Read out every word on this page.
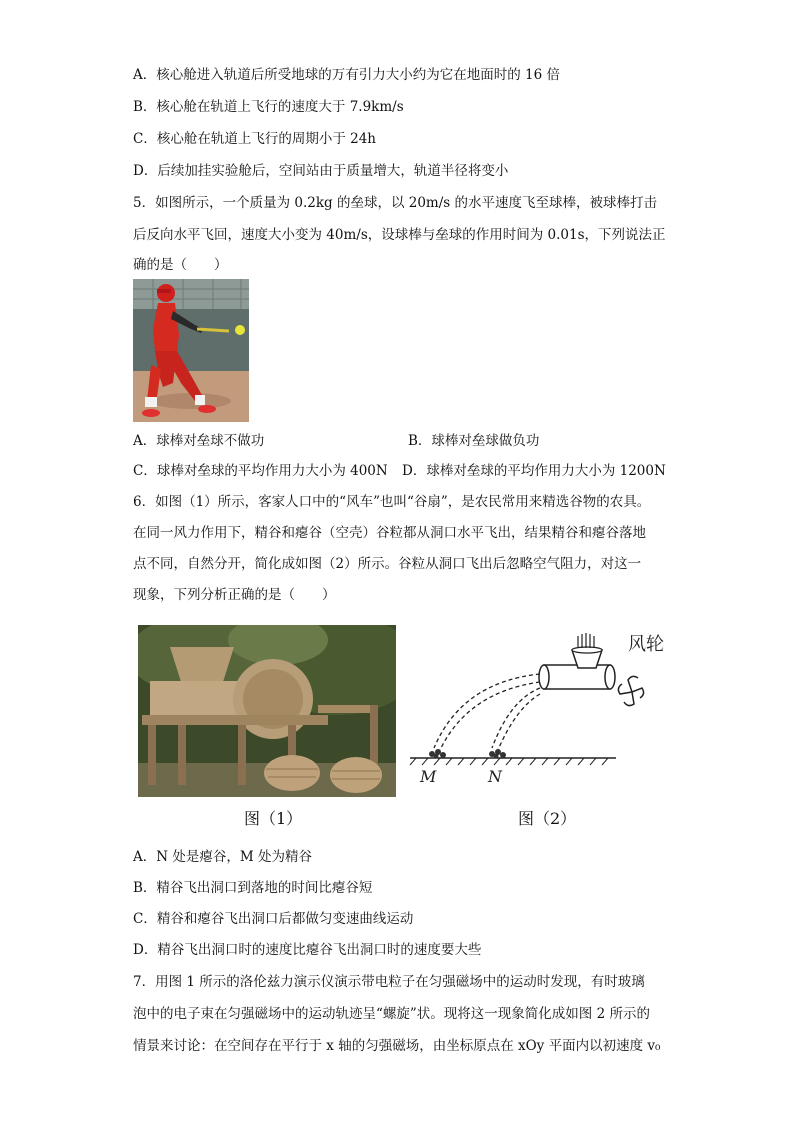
A．核心舱进入轨道后所受地球的万有引力大小约为它在地面时的 16 倍
B．核心舱在轨道上飞行的速度大于 7.9km/s
C．核心舱在轨道上飞行的周期小于 24h
D．后续加挂实验舱后，空间站由于质量增大，轨道半径将变小
5．如图所示，一个质量为 0.2kg 的垒球，以 20m/s 的水平速度飞至球棒，被球棒打击
后反向水平飞回，速度大小变为 40m/s，设球棒与垒球的作用时间为 0.01s，下列说法正
确的是（　　）
A．球棒对垒球不做功	B．球棒对垒球做负功
C．球棒对垒球的平均作用力大小为 400N D．球棒对垒球的平均作用力大小为 1200N
6．如图（1）所示，客家人口中的“风车”也叫“谷扇”，是农民常用来精选谷物的农具。
在同一风力作用下，精谷和瘪谷（空壳）谷粒都从洞口水平飞出，结果精谷和瘪谷落地
点不同，自然分开，简化成如图（2）所示。谷粒从洞口飞出后忽略空气阻力，对这一
现象，下列分析正确的是（　　）
风轮
M	N
图（1）	图（2）
A．N 处是瘪谷，M 处为精谷
B．精谷飞出洞口到落地的时间比瘪谷短
C．精谷和瘪谷飞出洞口后都做匀变速曲线运动
D．精谷飞出洞口时的速度比瘪谷飞出洞口时的速度要大些
7．用图 1 所示的洛伦兹力演示仪演示带电粒子在匀强磁场中的运动时发现，有时玻璃
泡中的电子束在匀强磁场中的运动轨迹呈“螺旋”状。现将这一现象简化成如图 2 所示的
情景来讨论：在空间存在平行于 x 轴的匀强磁场，由坐标原点在 xOy 平面内以初速度 v₀
